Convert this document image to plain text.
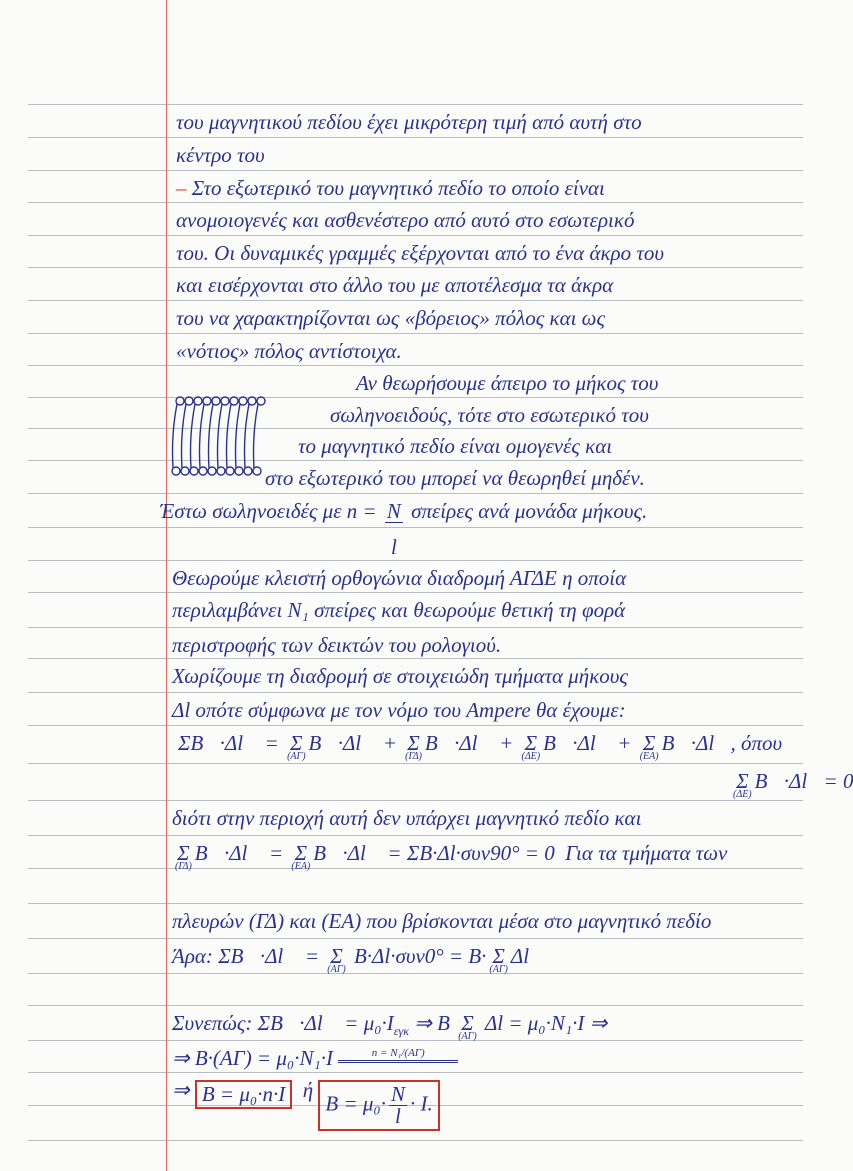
του μαγνητικού πεδίου έχει μικρότερη τιμή από αυτή στο
κέντρο του
– Στο εξωτερικό του μαγνητικό πεδίο το οποίο είναι
ανομοιογενές και ασθενέστερο από αυτό στο εσωτερικό
του. Οι δυναμικές γραμμές εξέρχονται από το ένα άκρο του
και εισέρχονται στο άλλο του με αποτέλεσμα τα άκρα
του να χαρακτηρίζονται ως «βόρειος» πόλος και ως
«νότιος» πόλος αντίστοιχα.
Αν θεωρήσουμε άπειρο το μήκος του
σωληνοειδούς, τότε στο εσωτερικό του
το μαγνητικό πεδίο είναι ομογενές και
στο εξωτερικό του μπορεί να θεωρηθεί μηδέν.
Έστω σωληνοειδές με $n = \frac{N}{l}$ σπείρες ανά μονάδα μήκους.
Θεωρούμε κλειστή ορθογώνια διαδρομή ΑΓΔΕ η οποία
περιλαμβάνει N₁ σπείρες και θεωρούμε θετική τη φορά
περιστροφής των δεικτών του ρολογιού.
Χωρίζουμε τη διαδρομή σε στοιχειώδη τμήματα μήκους
Δl οπότε σύμφωνα με τον νόμο του Ampere θα έχουμε:
ΣB⃗·Δl⃗ = Σ
(ΑΓ)
B⃗·Δl⃗ + Σ
(ΓΔ)
B⃗·Δl⃗ + Σ
(ΔΕ)
B⃗·Δl⃗ + Σ
(ΕΑ)
B⃗·Δl⃗, όπου
Σ
(ΔΕ)
B⃗·Δl⃗= 0
διότι στην περιοχή αυτή δεν υπάρχει μαγνητικό πεδίο και
Σ
(ΓΔ)
B⃗·Δl⃗ = Σ
(ΕΑ)
B⃗·Δl⃗ = ΣB·Δl·συν90° = 0 Για τα τμήματα των
πλευρών (ΓΔ) και (ΕΑ) που βρίσκονται μέσα στο μαγνητικό πεδίο
Άρα: ΣB⃗·Δl⃗ = Σ
(ΑΓ)
B·Δl·συν0° = B· Σ
(ΑΓ)
Δl
Συνεπώς: ΣB⃗·Δl⃗ = $\mu_0\cdot I_{\varepsilon\gamma\kappa}$ ⇒ B Σ
(ΑΓ)
Δl = μ₀·N₁·I ⇒
⇒ B·(ΑΓ) = μ₀·N₁·I	n = N₁/(ΑΓ)
⇒ B = μ₀·n·I ή $B = \mu_0\cdot \frac{N}{l} \cdot I$.
